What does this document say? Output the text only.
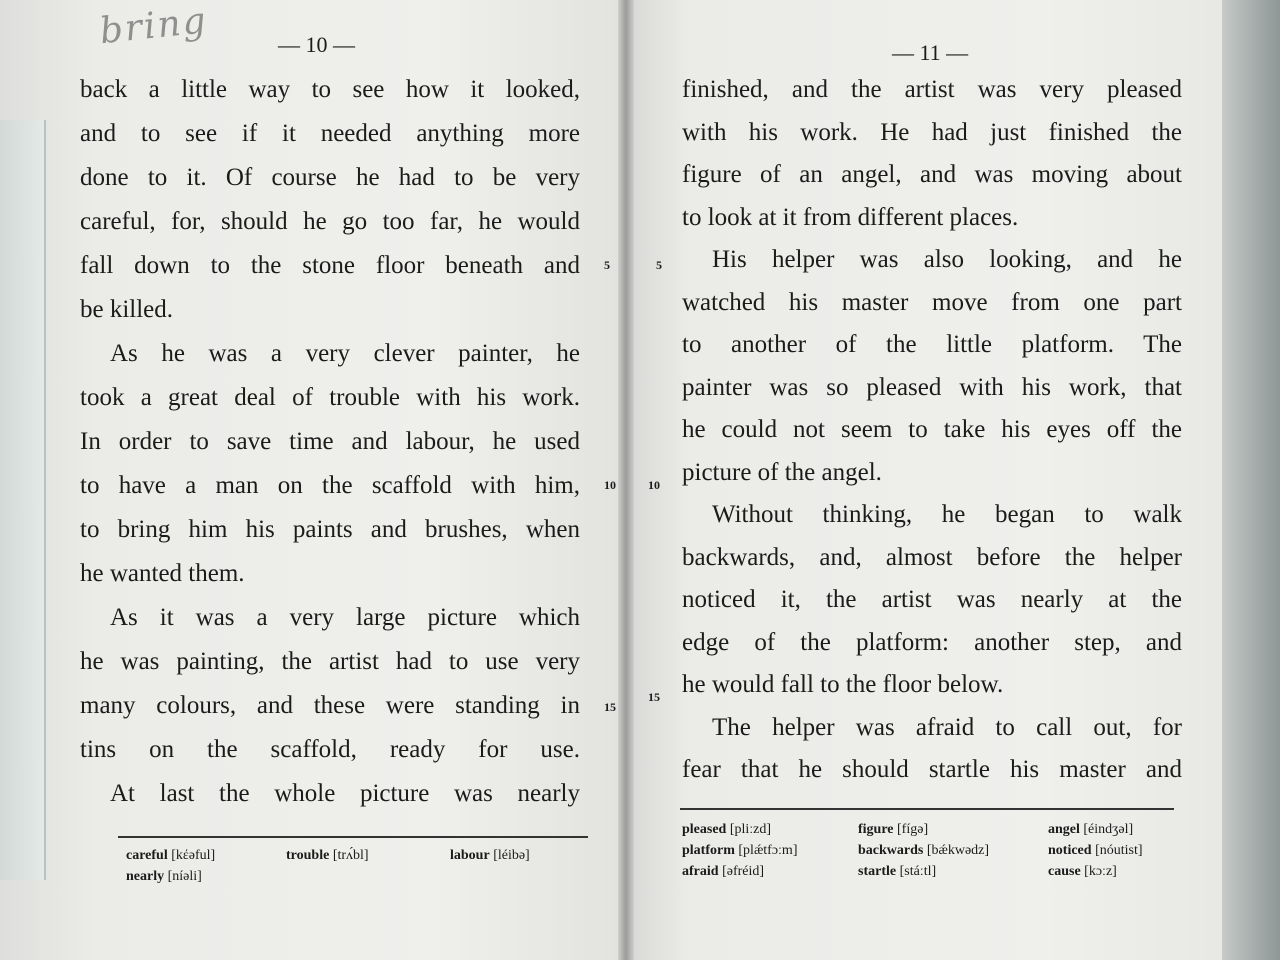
bring	— 10 —	— 11 —
back a little way to see how it looked,
and to see if it needed anything more
done to it. Of course he had to be very
careful, for, should he go too far, he would
fall down to the stone floor beneath and
be killed.
As he was a very clever painter, he
took a great deal of trouble with his work.
In order to save time and labour, he used
to have a man on the scaffold with him,
to bring him his paints and brushes, when
he wanted them.
As it was a very large picture which
he was painting, the artist had to use very
many colours, and these were standing in
tins on the scaffold, ready for use.
At last the whole picture was nearly
finished, and the artist was very pleased
with his work. He had just finished the
figure of an angel, and was moving about
to look at it from different places.
His helper was also looking, and he
watched his master move from one part
to another of the little platform. The
painter was so pleased with his work, that
he could not seem to take his eyes off the
picture of the angel.
Without thinking, he began to walk
backwards, and, almost before the helper
noticed it, the artist was nearly at the
edge of the platform: another step, and
he would fall to the floor below.
The helper was afraid to call out, for
fear that he should startle his master and
5
10
15
5
10
15
careful [kέəful]	trouble [trʌ́bl]	labour [léibə]
nearly [níəli]
pleased [pliːzd]	figure [fígə]	angel [éindʒəl]
platform [plǽtfɔːm]	backwards [bǽkwədz]	noticed [nóutist]
afraid [əfréid]	startle [stáːtl]	cause [kɔːz]
